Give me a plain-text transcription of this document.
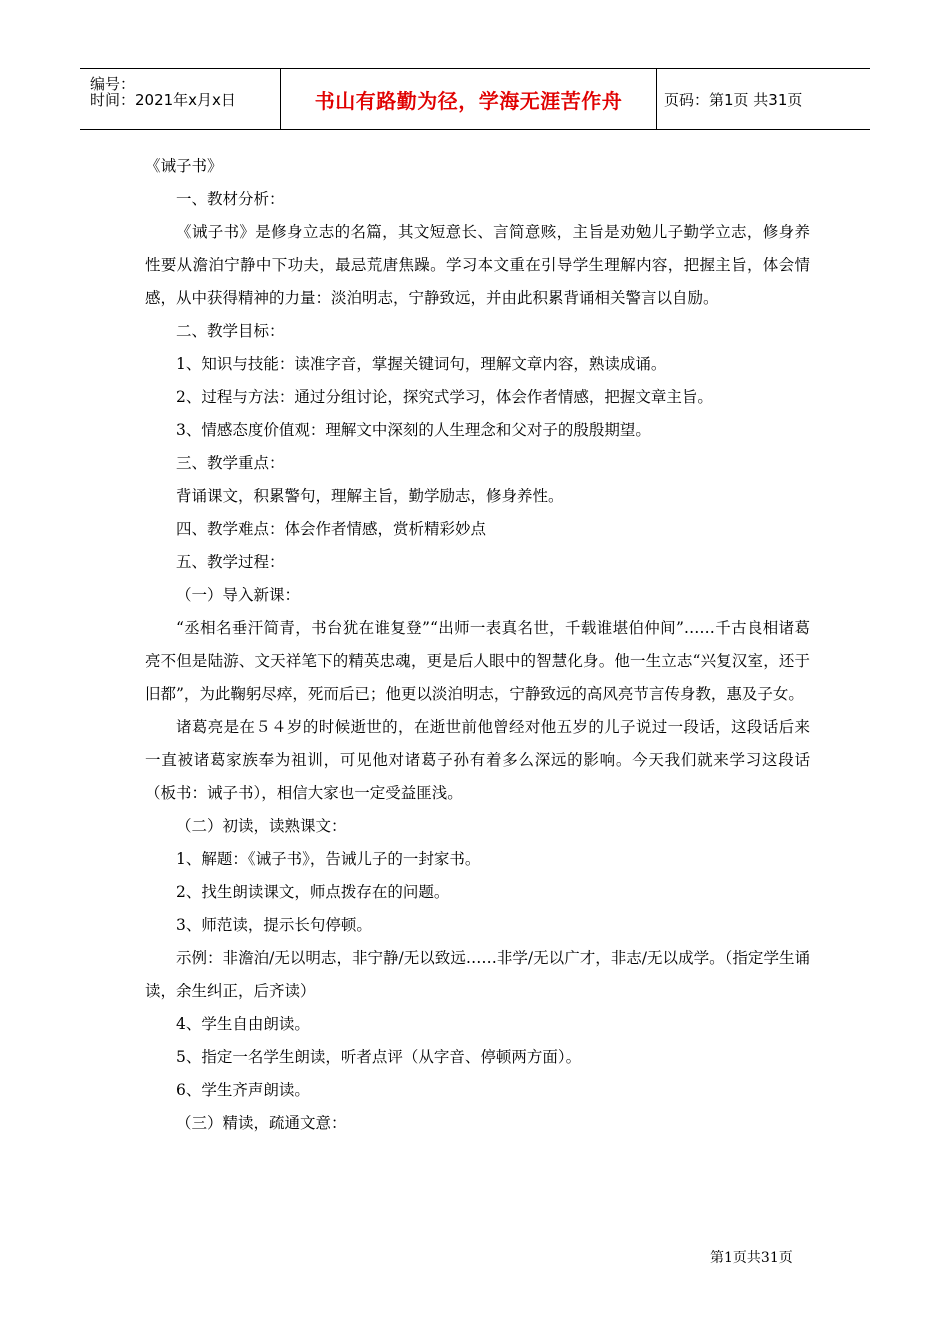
编号：
时间：2021年x月x日	书山有路勤为径，学海无涯苦作舟	页码：第1页 共31页
《诫子书》
一、教材分析：
《诫子书》是修身立志的名篇，其文短意长、言简意赅，主旨是劝勉儿子勤学立志，修身养性要从澹泊宁静中下功夫，最忌荒唐焦躁。学习本文重在引导学生理解内容，把握主旨，体会情感，从中获得精神的力量：淡泊明志，宁静致远，并由此积累背诵相关警言以自励。
二、教学目标：
1、知识与技能：读准字音，掌握关键词句，理解文章内容，熟读成诵。
2、过程与方法：通过分组讨论，探究式学习，体会作者情感，把握文章主旨。
3、情感态度价值观：理解文中深刻的人生理念和父对子的殷殷期望。
三、教学重点：
背诵课文，积累警句，理解主旨，勤学励志，修身养性。
四、教学难点：体会作者情感，赏析精彩妙点
五、教学过程：
（一）导入新课：
“丞相名垂汗简青，书台犹在谁复登”“出师一表真名世，千载谁堪伯仲间”……千古良相诸葛亮不但是陆游、文天祥笔下的精英忠魂，更是后人眼中的智慧化身。他一生立志“兴复汉室，还于旧都”，为此鞠躬尽瘁，死而后已；他更以淡泊明志，宁静致远的高风亮节言传身教，惠及子女。
诸葛亮是在５４岁的时候逝世的，在逝世前他曾经对他五岁的儿子说过一段话，这段话后来一直被诸葛家族奉为祖训，可见他对诸葛子孙有着多么深远的影响。今天我们就来学习这段话（板书：诫子书），相信大家也一定受益匪浅。
（二）初读，读熟课文：
1、解题：《诫子书》，告诫儿子的一封家书。
2、找生朗读课文，师点拨存在的问题。
3、师范读，提示长句停顿。
示例：非澹泊/无以明志，非宁静/无以致远……非学/无以广才，非志/无以成学。（指定学生诵读，余生纠正，后齐读）
4、学生自由朗读。
5、指定一名学生朗读，听者点评（从字音、停顿两方面）。
6、学生齐声朗读。
（三）精读，疏通文意：
第1页共31页
